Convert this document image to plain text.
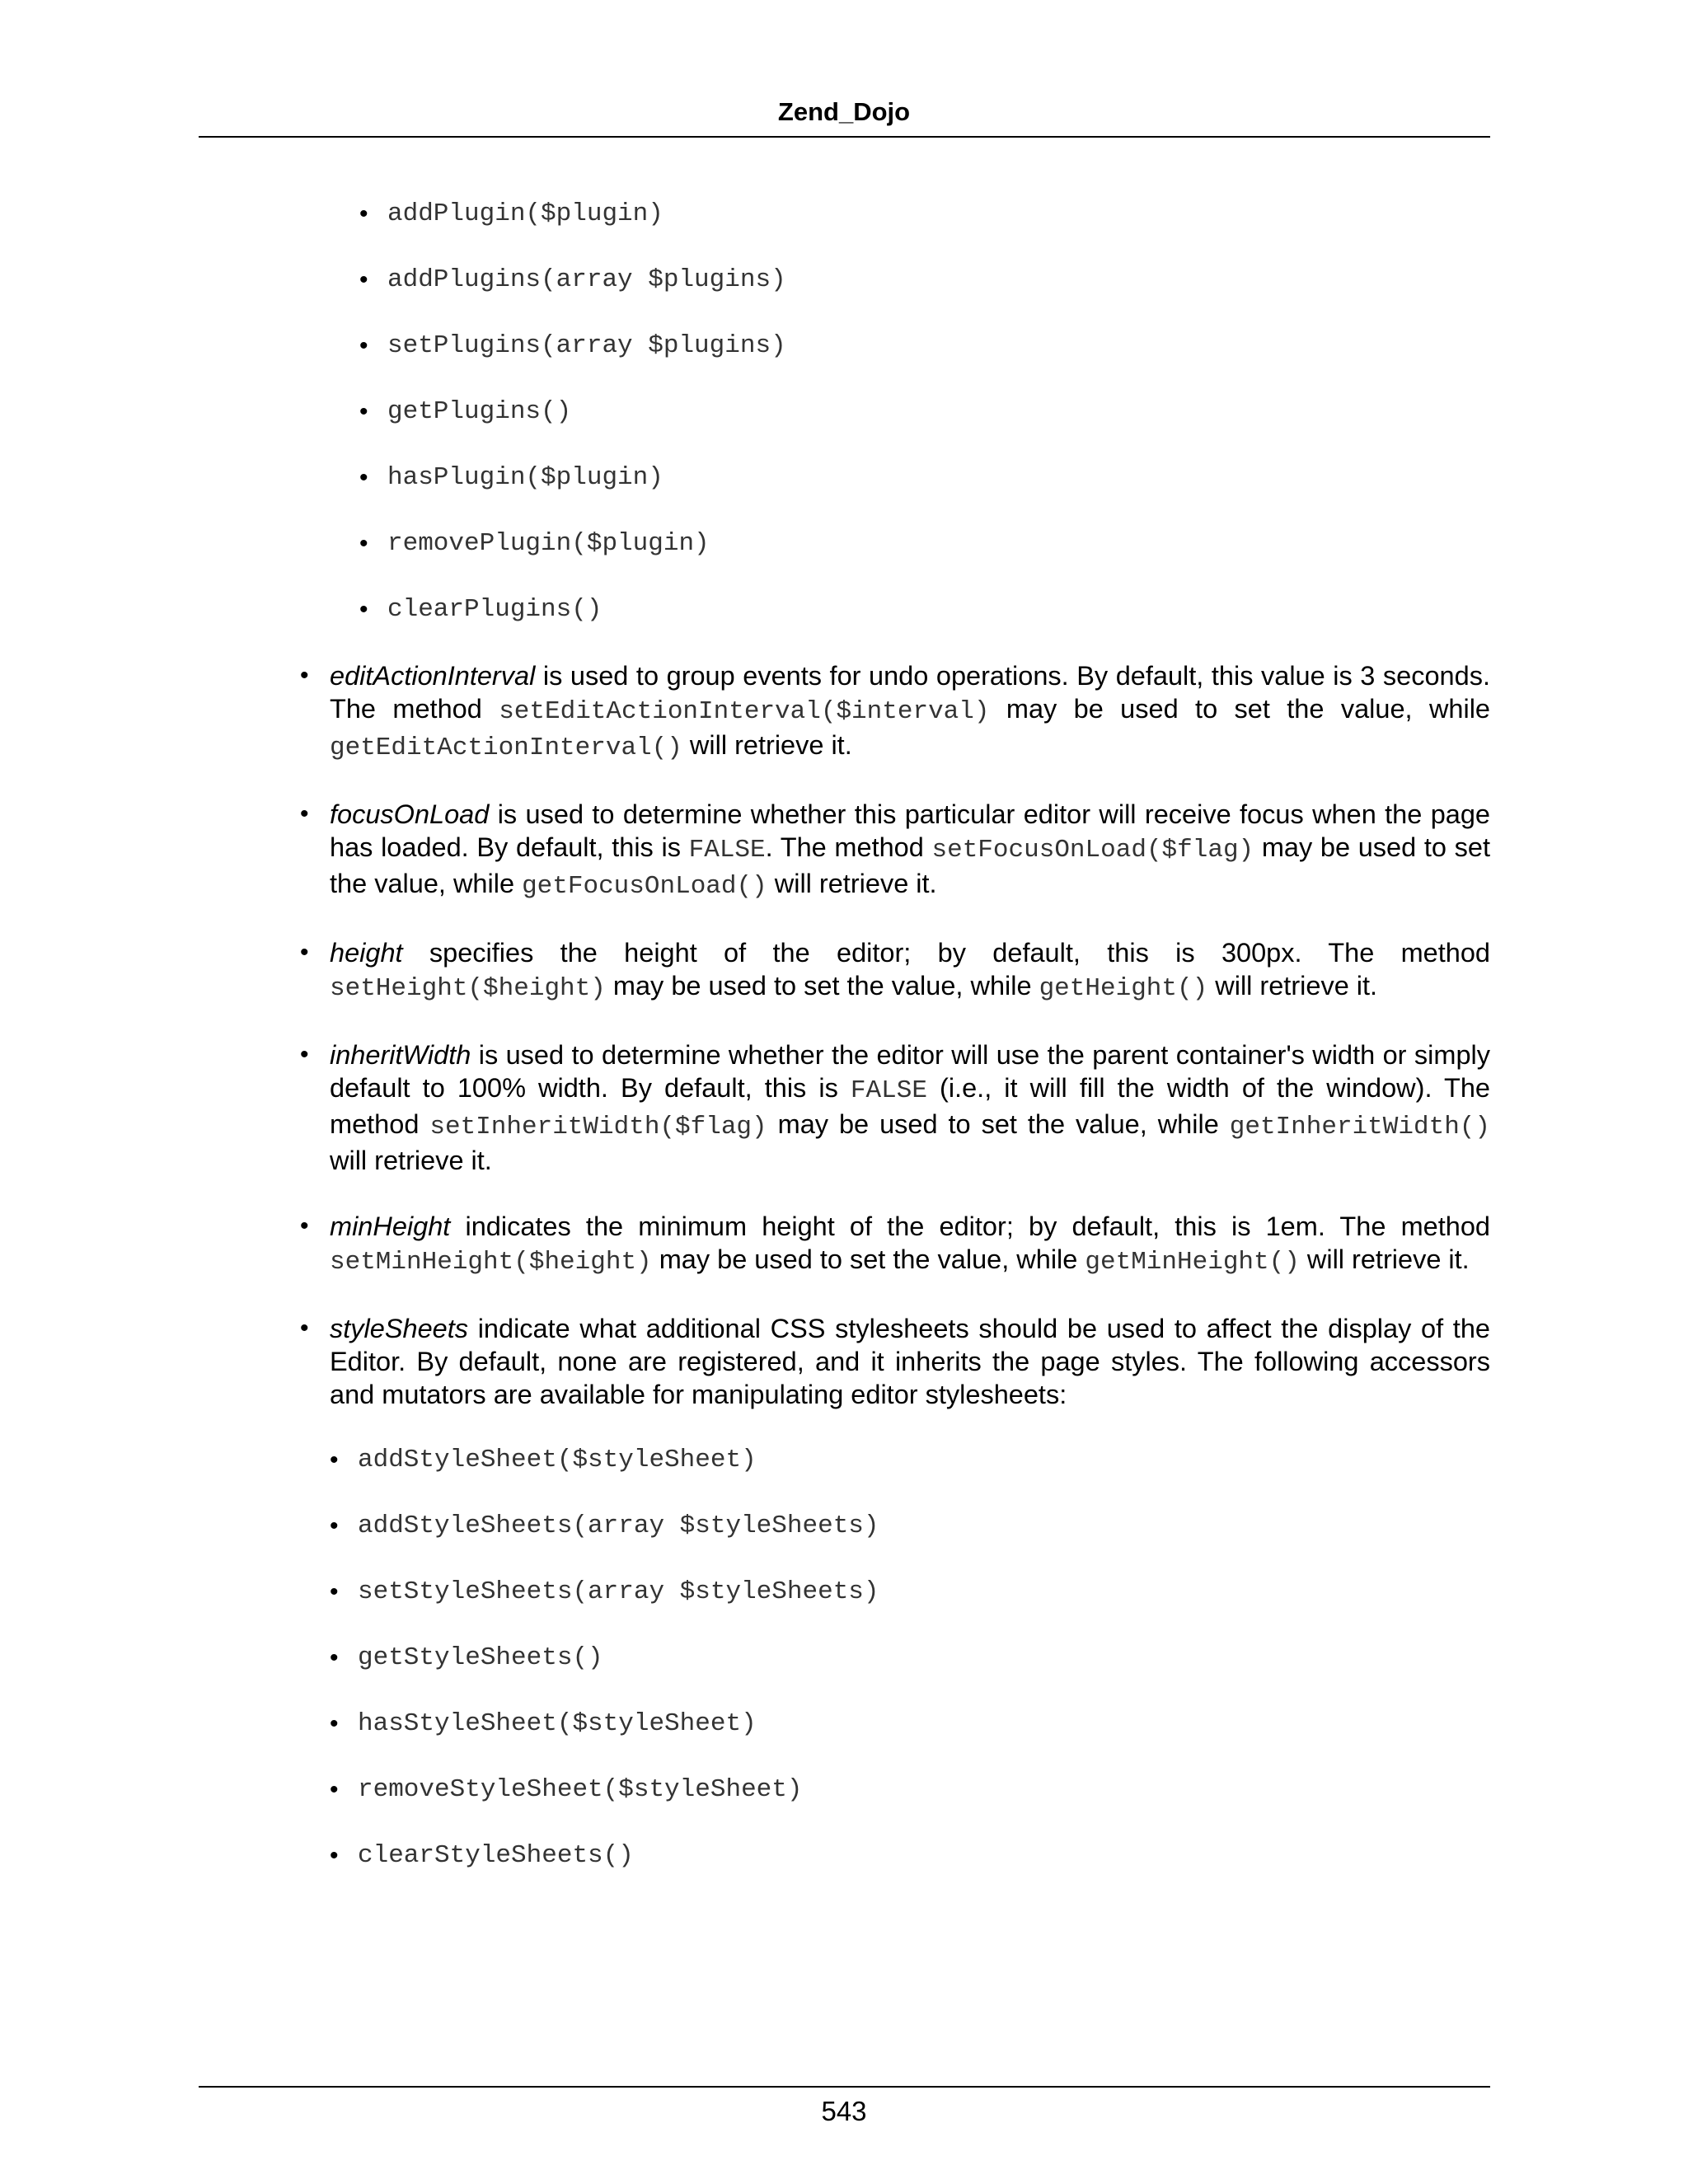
Zend_Dojo
• addPlugin($plugin)
• addPlugins(array $plugins)
• setPlugins(array $plugins)
• getPlugins()
• hasPlugin($plugin)
• removePlugin($plugin)
• clearPlugins()
• editActionInterval is used to group events for undo operations. By default, this value is 3 seconds. The method setEditActionInterval($interval) may be used to set the value, while getEditActionInterval() will retrieve it.

• focusOnLoad is used to determine whether this particular editor will receive focus when the page has loaded. By default, this is FALSE. The method setFocusOnLoad($flag) may be used to set the value, while getFocusOnLoad() will retrieve it.

• height specifies the height of the editor; by default, this is 300px. The method setHeight($height) may be used to set the value, while getHeight() will retrieve it.

• inheritWidth is used to determine whether the editor will use the parent container's width or simply default to 100% width. By default, this is FALSE (i.e., it will fill the width of the window). The method setInheritWidth($flag) may be used to set the value, while getInheritWidth() will retrieve it.

• minHeight indicates the minimum height of the editor; by default, this is 1em. The method setMinHeight($height) may be used to set the value, while getMinHeight() will retrieve it.

• styleSheets indicate what additional CSS stylesheets should be used to affect the display of the Editor. By default, none are registered, and it inherits the page styles. The following accessors and mutators are available for manipulating editor stylesheets:

• addStyleSheet($styleSheet)
• addStyleSheets(array $styleSheets)
• setStyleSheets(array $styleSheets)
• getStyleSheets()
• hasStyleSheet($styleSheet)
• removeStyleSheet($styleSheet)
• clearStyleSheets()
543
